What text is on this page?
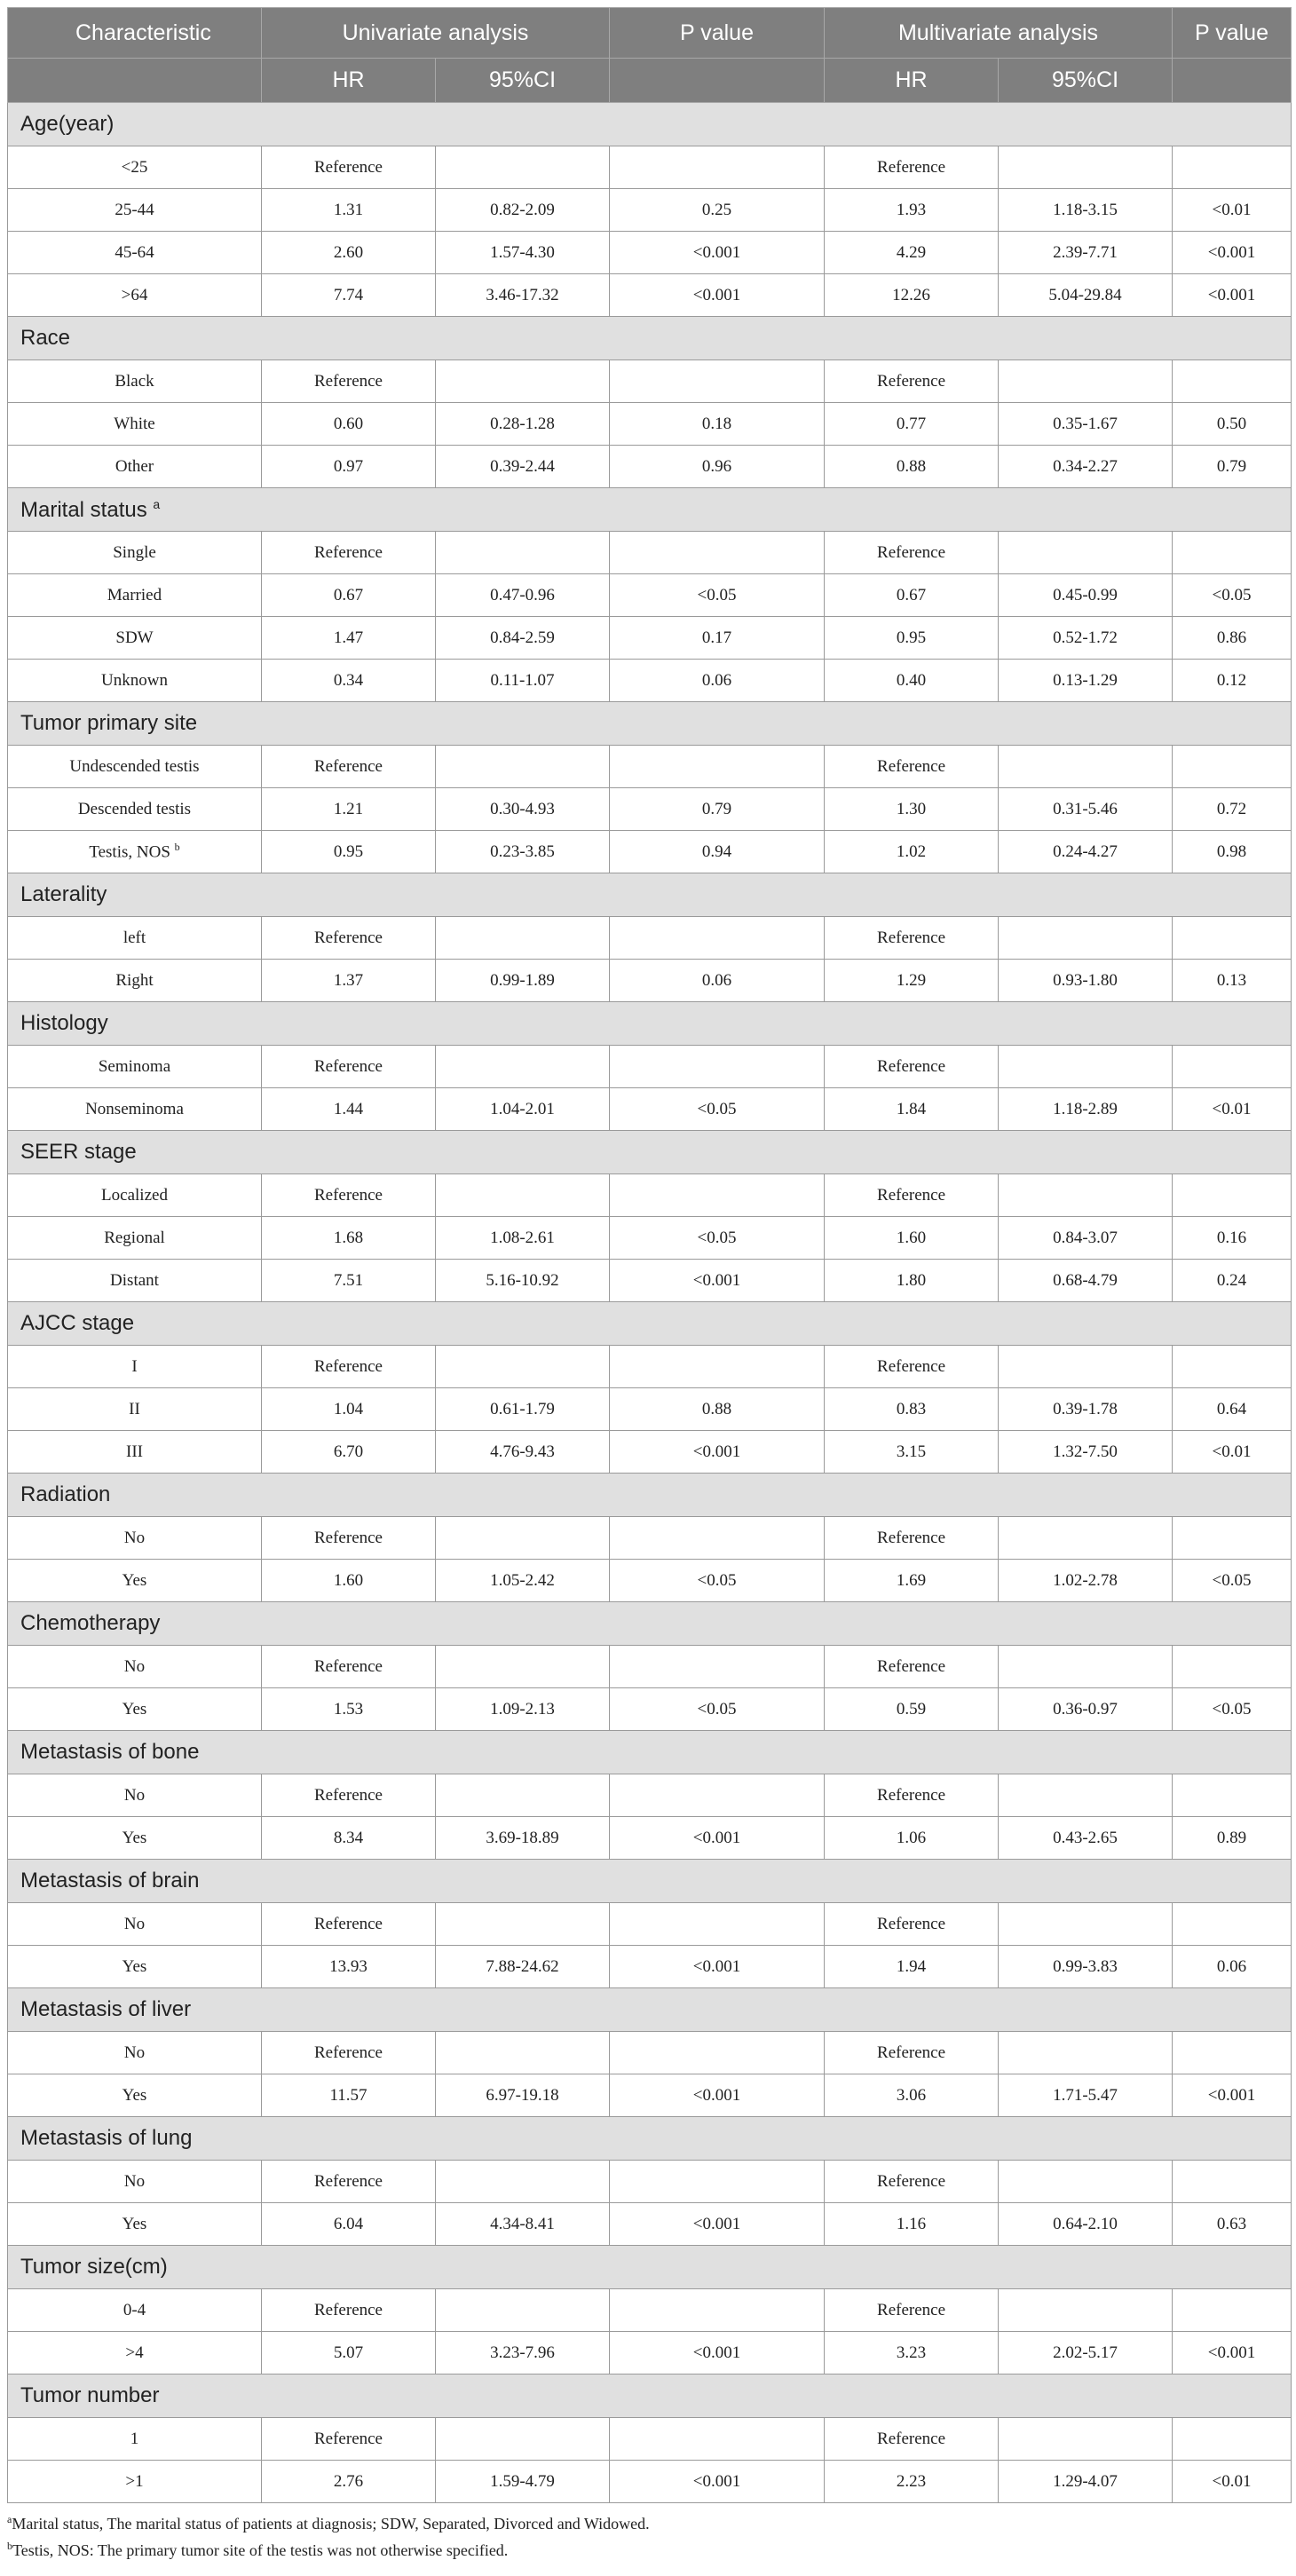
Characteristic	Univariate analysis		P value	Multivariate analysis		P value
	HR	95%CI		HR	95%CI	
Age(year)						
<25	Reference			Reference		
25-44	1.31	0.82-2.09	0.25	1.93	1.18-3.15	<0.01
45-64	2.60	1.57-4.30	<0.001	4.29	2.39-7.71	<0.001
>64	7.74	3.46-17.32	<0.001	12.26	5.04-29.84	<0.001
Race						
Black	Reference			Reference		
White	0.60	0.28-1.28	0.18	0.77	0.35-1.67	0.50
Other	0.97	0.39-2.44	0.96	0.88	0.34-2.27	0.79
Marital status $^a$
Single	Reference			Reference		
Married	0.67	0.47-0.96	<0.05	0.67	0.45-0.99	<0.05
SDW	1.47	0.84-2.59	0.17	0.95	0.52-1.72	0.86
Unknown	0.34	0.11-1.07	0.06	0.40	0.13-1.29	0.12
Tumor primary site						
Undescended testis	Reference			Reference		
Descended testis	1.21	0.30-4.93	0.79	1.30	0.31-5.46	0.72
Testis, NOS $^b$	0.95	0.23-3.85	0.94	1.02	0.24-4.27	0.98
Laterality						
left	Reference			Reference		
Right	1.37	0.99-1.89	0.06	1.29	0.93-1.80	0.13
Histology						
Seminoma	Reference			Reference		
Nonseminoma	1.44	1.04-2.01	<0.05	1.84	1.18-2.89	<0.01
SEER stage						
Localized	Reference			Reference		
Regional	1.68	1.08-2.61	<0.05	1.60	0.84-3.07	0.16
Distant	7.51	5.16-10.92	<0.001	1.80	0.68-4.79	0.24
AJCC stage						
I	Reference			Reference		
II	1.04	0.61-1.79	0.88	0.83	0.39-1.78	0.64
III	6.70	4.76-9.43	<0.001	3.15	1.32-7.50	<0.01
Radiation						
No	Reference			Reference		
Yes	1.60	1.05-2.42	<0.05	1.69	1.02-2.78	<0.05
Chemotherapy						
No	Reference			Reference		
Yes	1.53	1.09-2.13	<0.05	0.59	0.36-0.97	<0.05
Metastasis of bone						
No	Reference			Reference		
Yes	8.34	3.69-18.89	<0.001	1.06	0.43-2.65	0.89
Metastasis of brain						
No	Reference			Reference		
Yes	13.93	7.88-24.62	<0.001	1.94	0.99-3.83	0.06
Metastasis of liver						
No	Reference			Reference		
Yes	11.57	6.97-19.18	<0.001	3.06	1.71-5.47	<0.001
Metastasis of lung						
No	Reference			Reference		
Yes	6.04	4.34-8.41	<0.001	1.16	0.64-2.10	0.63
Tumor size(cm)						
0-4	Reference			Reference		
>4	5.07	3.23-7.96	<0.001	3.23	2.02-5.17	<0.001
Tumor number						
1	Reference			Reference		
>1	2.76	1.59-4.79	<0.001	2.23	1.29-4.07	<0.01
$^a$Marital status, The marital status of patients at diagnosis; SDW, Separated, Divorced and Widowed.
$^b$Testis, NOS: The primary tumor site of the testis was not otherwise specified.
